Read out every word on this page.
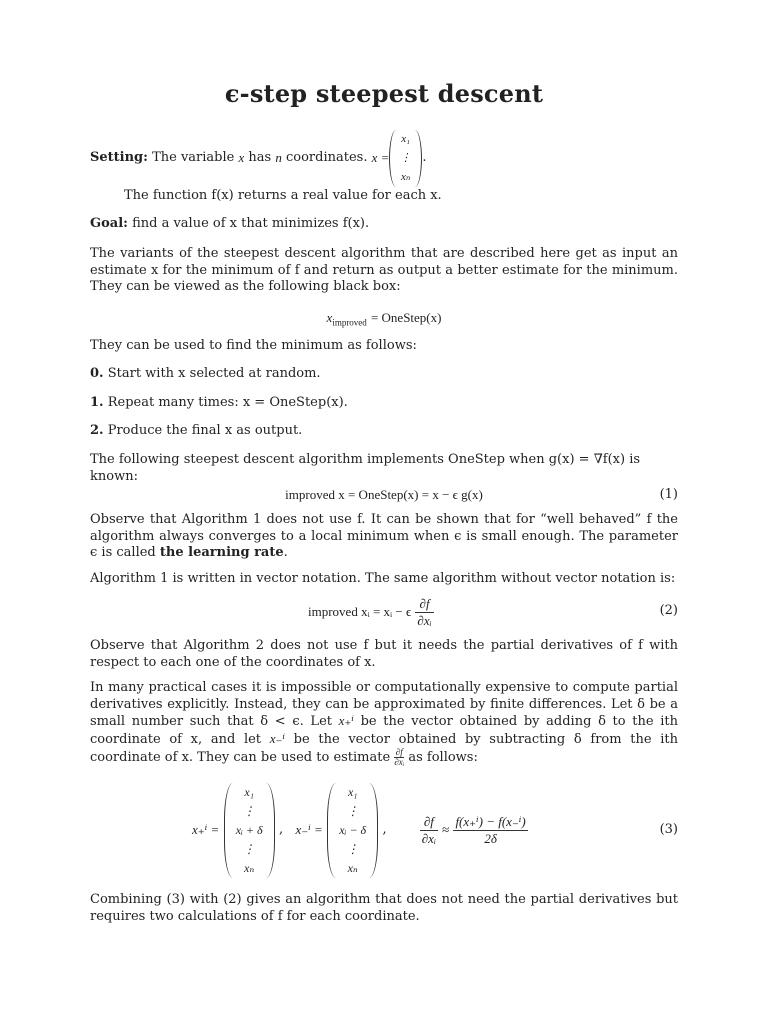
ϵ-step steepest descent
Setting:
The variable
x
has
n
coordinates.
x
=

x₁
⋮
xₙ
.
The function f(x) returns a real value for each x.
Goal: find a value of x that minimizes f(x).

The variants of the steepest descent algorithm that are described here get as input an estimate x for the minimum of f and return as output a better estimate for the minimum. They can be viewed as the following black box:

$x_{improved}$ = OneStep(x)

They can be used to find the minimum as follows:

0. Start with x selected at random.
1. Repeat many times: x = OneStep(x).
2. Produce the final x as output.

The following steepest descent algorithm implements OneStep when g(x) = ∇f(x) is known:

improved x = OneStep(x) = x − ϵ g(x)	(1)

Observe that Algorithm 1 does not use f. It can be shown that for “well behaved” f the algorithm always converges to a local minimum when ϵ is small enough. The parameter ϵ is called the learning rate.

Algorithm 1 is written in vector notation. The same algorithm without vector notation is:

improved xᵢ = xᵢ − ϵ
$\frac{\partial f}{\text{∂xᵢ}}$	(2)

Observe that Algorithm 2 does not use f but it needs the partial derivatives of f with respect to each one of the coordinates of x.

In many practical cases it is impossible or computationally expensive to compute partial derivatives explicitly. Instead, they can be approximated by finite differences. Let δ be a small number such that δ < ϵ. Let x₊ⁱ be the vector obtained by adding δ to the ith coordinate of x, and let x₋ⁱ be the vector obtained by subtracting δ from the ith coordinate of x. They can be used to estimate $\frac{\partial f}{\text{∂xᵢ}}$ as follows:

x₊ⁱ =

x₁
⋮
xᵢ + δ
⋮
xₙ

,
x₋ⁱ =

x₁
⋮
xᵢ − δ
⋮
xₙ

,
	$\frac{\partial f}{\text{∂xᵢ}}$
≈
$\frac{\text{f(x₊ⁱ) − f(x₋ⁱ)}}{2\delta}$	(3)

Combining (3) with (2) gives an algorithm that does not need the partial derivatives but requires two calculations of f for each coordinate.
